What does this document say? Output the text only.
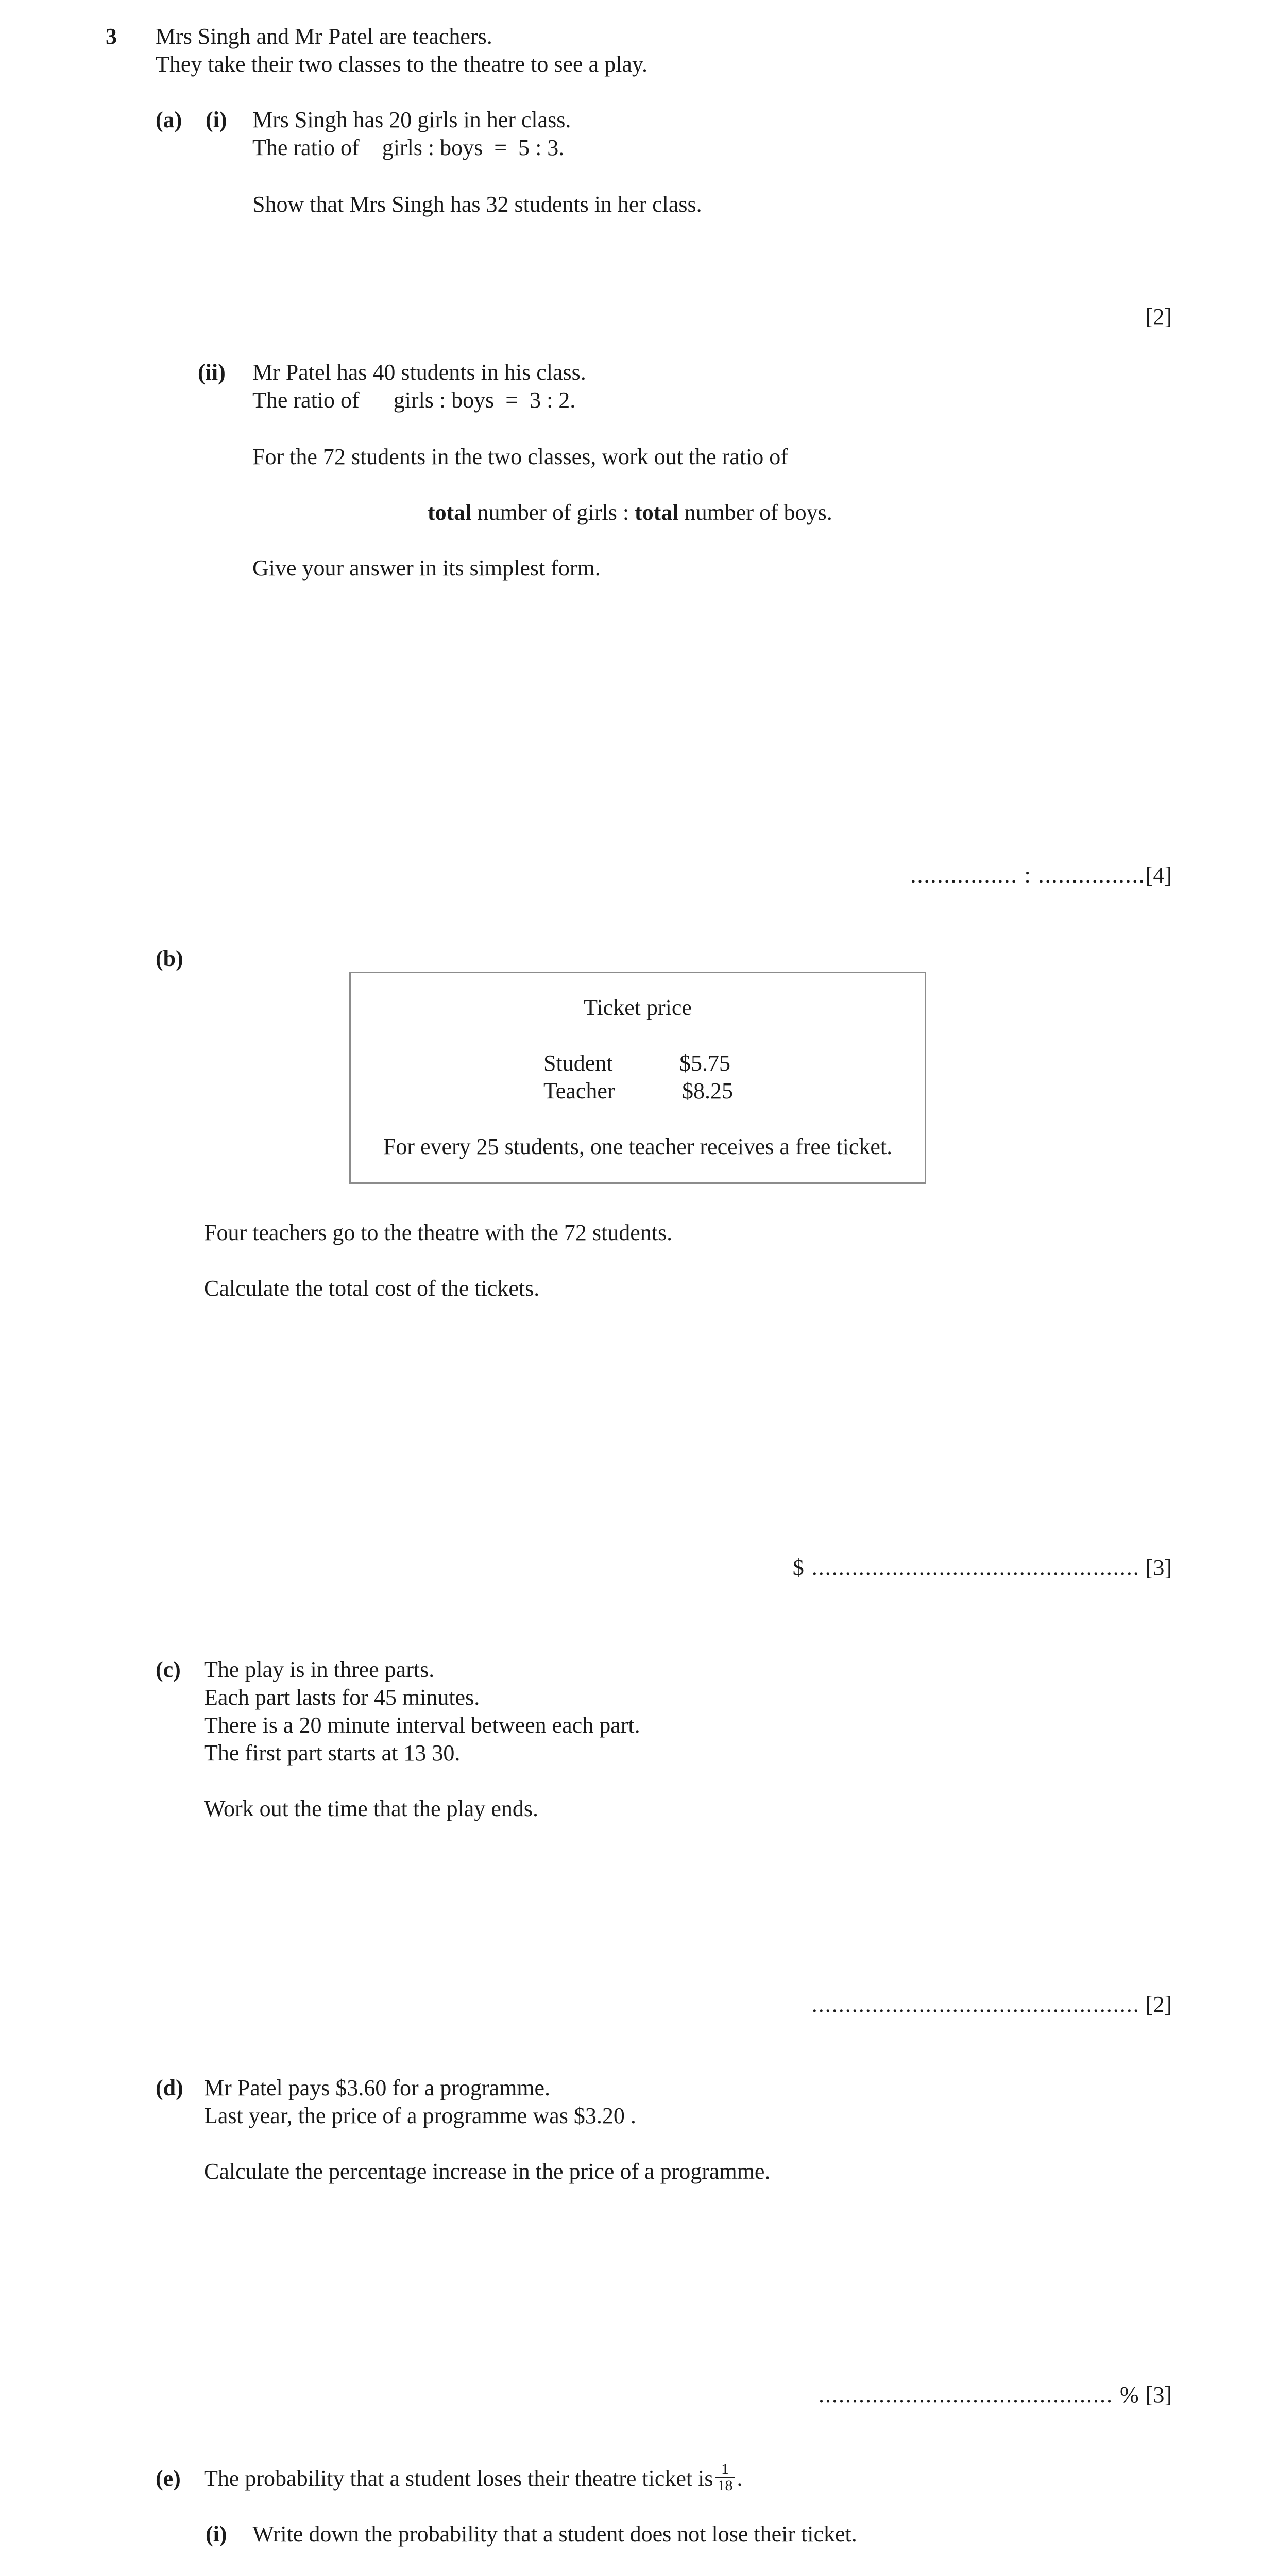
3 Mrs Singh and Mr Patel are teachers.
They take their two classes to the theatre to see a play.
(a) (i) Mrs Singh has 20 girls in her class.
The ratio of    girls : boys  =  5 : 3.
Show that Mrs Singh has 32 students in her class.
[2]
(ii) Mr Patel has 40 students in his class.
The ratio of      girls : boys  =  3 : 2.
For the 72 students in the two classes, work out the ratio of
total number of girls : total number of boys.
Give your answer in its simplest form.
................ : ................[4]
(b)
Ticket price
Student	$5.75
Teacher	$8.25
For every 25 students, one teacher receives a free ticket.
Four teachers go to the theatre with the 72 students.
Calculate the total cost of the tickets.
$ ................................................. [3]
(c) The play is in three parts.
Each part lasts for 45 minutes.
There is a 20 minute interval between each part.
The first part starts at 13 30.
Work out the time that the play ends.
................................................. [2]
(d) Mr Patel pays $3.60 for a programme.
Last year, the price of a programme was $3.20 .
Calculate the percentage increase in the price of a programme.
............................................ % [3]
(e) The probability that a student loses their theatre ticket is $\frac{1}{18}$ .
(i) Write down the probability that a student does not lose their ticket.
